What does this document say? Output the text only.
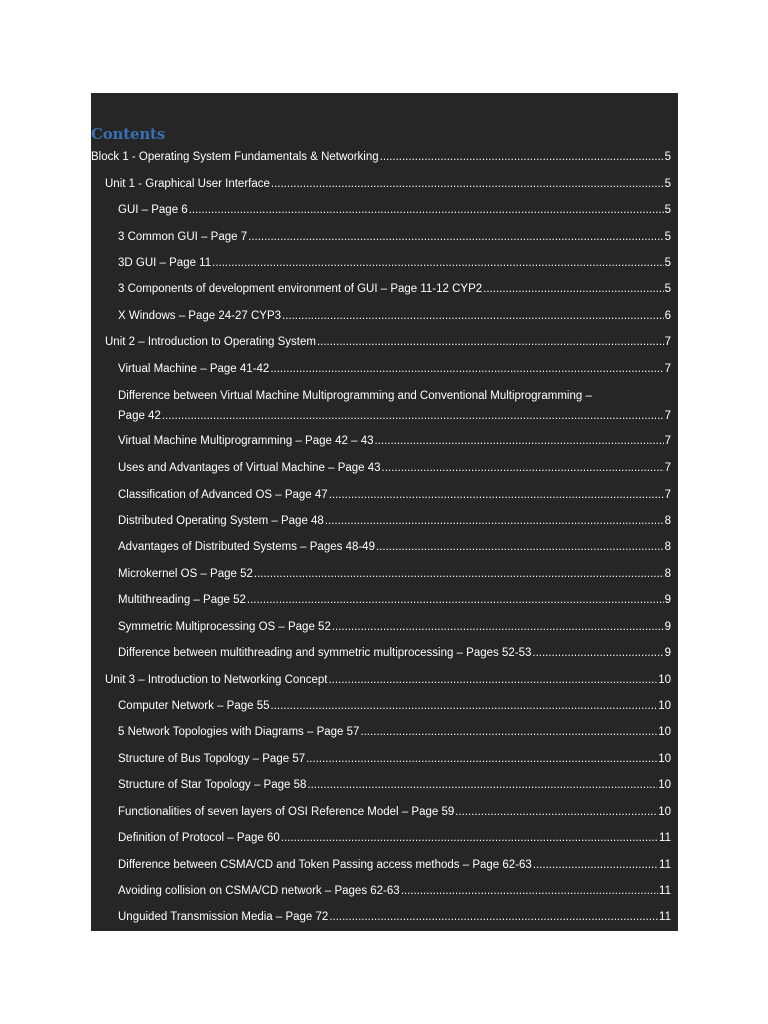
Contents
Block 1 - Operating System Fundamentals & Networking .....	5
Unit 1 - Graphical User Interface .....	5
GUI – Page 6 .....	5
3 Common GUI – Page 7 .....	5
3D GUI – Page 11 .....	5
3 Components of development environment of GUI – Page 11-12 CYP2 .....	5
X Windows – Page 24-27 CYP3 .....	6
Unit 2 – Introduction to Operating System .....	7
Virtual Machine – Page 41-42 .....	7
Difference between Virtual Machine Multiprogramming and Conventional Multiprogramming –
Page 42 .....	7
Virtual Machine Multiprogramming – Page 42 – 43 .....	7
Uses and Advantages of Virtual Machine – Page 43 .....	7
Classification of Advanced OS – Page 47 .....	7
Distributed Operating System – Page 48 .....	8
Advantages of Distributed Systems – Pages 48-49 .....	8
Microkernel OS – Page 52 .....	8
Multithreading – Page 52 .....	9
Symmetric Multiprocessing OS – Page 52 .....	9
Difference between multithreading and symmetric multiprocessing – Pages 52-53 .....	9
Unit 3 – Introduction to Networking Concept .....	10
Computer Network – Page 55 .....	10
5 Network Topologies with Diagrams – Page 57 .....	10
Structure of Bus Topology – Page 57 .....	10
Structure of Star Topology – Page 58 .....	10
Functionalities of seven layers of OSI Reference Model – Page 59 .....	10
Definition of Protocol – Page 60 .....	11
Difference between CSMA/CD and Token Passing access methods – Page 62-63 .....	11
Avoiding collision on CSMA/CD network – Pages 62-63 .....	11
Unguided Transmission Media – Page 72 .....	11
